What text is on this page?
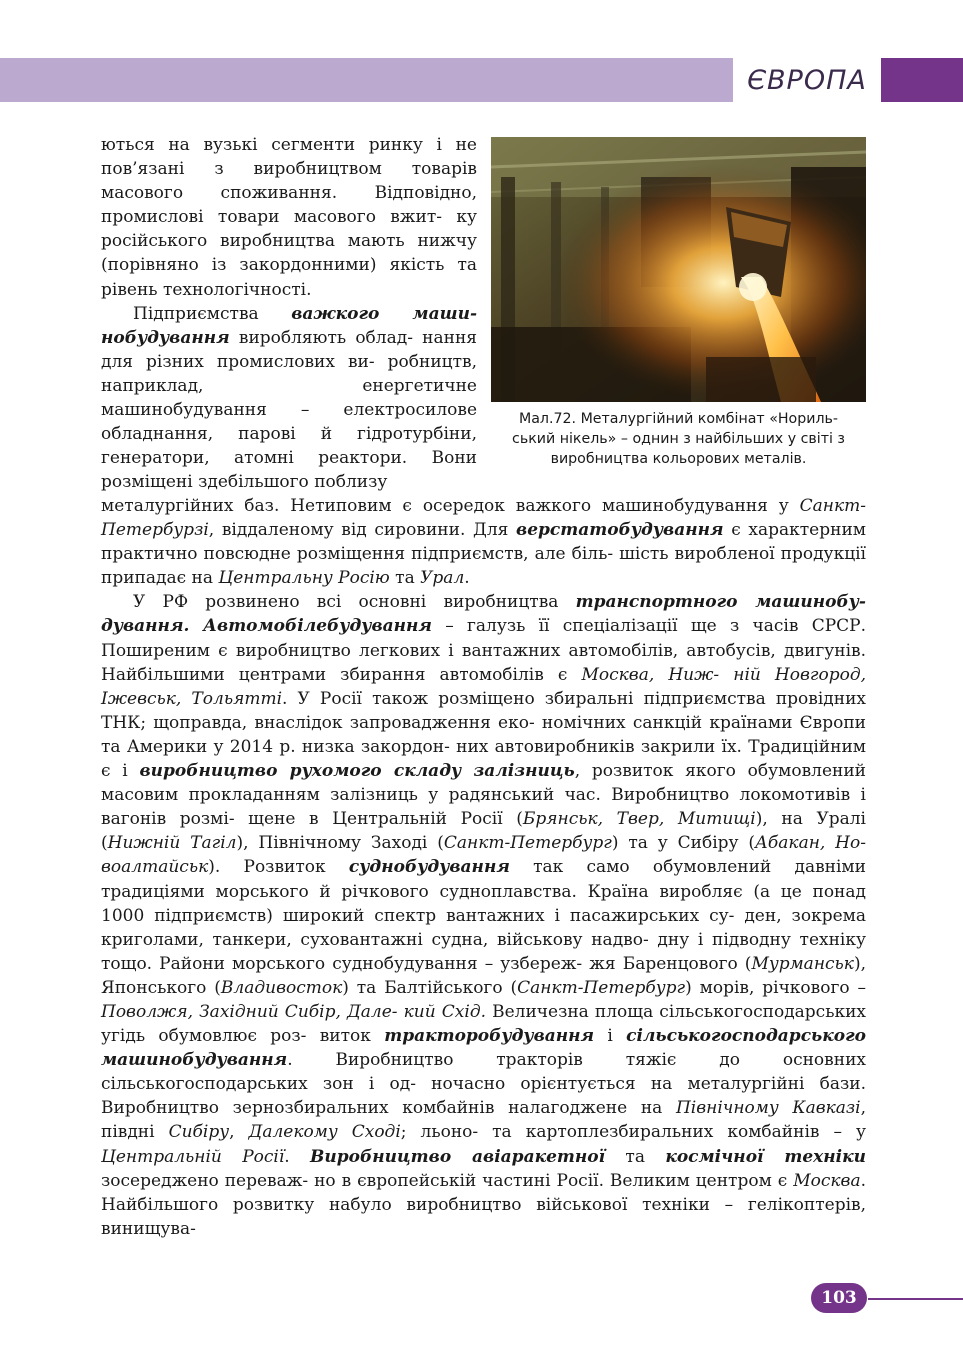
ЄВРОПА

ються на вузькі сегменти ринку і не пов’язані з виробництвом товарів масового споживання. Відповідно, промислові товари масового вжит- ку російського виробництва мають нижчу (порівняно із закордонними) якість та рівень технологічності.

Підприємства важкого маши- нобудування виробляють облад- нання для різних промислових ви- робництв, наприклад, енергетичне машинобудування – електросилове обладнання, парові й гідротурбіни, генератори, атомні реактори. Вони розміщені здебільшого поблизу

Мал.72. Металургійний комбінат «Нориль-
ський нікель» – однин з найбільших у світі з
виробництва кольорових металів.

металургійних баз. Нетиповим є осередок важкого машинобудування у Санкт-Петербурзі, віддаленому від сировини. Для верстатобудування є характерним практично повсюдне розміщення підприємств, але біль- шість виробленої продукції припадає на Центральну Росію та Урал.

У РФ розвинено всі основні виробництва транспортного машинобу- дування. Автомобілебудування – галузь її спеціалізації ще з часів СРСР. Поширеним є виробництво легкових і вантажних автомобілів, автобусів, двигунів. Найбільшими центрами збирання автомобілів є Москва, Ниж- ній Новгород, Іжевськ, Тольятті. У Росії також розміщено збиральні підприємства провідних ТНК; щоправда, внаслідок запровадження еко- номічних санкцій країнами Європи та Америки у 2014 р. низка закордон- них автовиробників закрили їх. Традиційним є і виробництво рухомого складу залізниць, розвиток якого обумовлений масовим прокладанням залізниць у радянський час. Виробництво локомотивів і вагонів розмі- щене в Центральній Росії (Брянськ, Твер, Митищі), на Уралі (Нижній Тагіл), Північному Заході (Санкт-Петербург) та у Сибіру (Абакан, Но- воалтайськ). Розвиток суднобудування так само обумовлений давніми традиціями морського й річкового судноплавства. Країна виробляє (а це понад 1000 підприємств) широкий спектр вантажних і пасажирських су- ден, зокрема криголами, танкери, суховантажні судна, військову надво- дну і підводну техніку тощо. Райони морського суднобудування – узбереж- жя Баренцового (Мурманськ), Японського (Владивосток) та Балтійського (Санкт-Петербург) морів, річкового – Поволжя, Західний Сибір, Дале- кий Схід. Величезна площа сільськогосподарських угідь обумовлює роз- виток тракторобудування і сільськогосподарського машинобудування. Виробництво тракторів тяжіє до основних сільськогосподарських зон і од- ночасно орієнтується на металургійні бази. Виробництво зернозбиральних комбайнів налагоджене на Північному Кавказі, півдні Сибіру, Далекому Сході; льоно- та картоплезбиральних комбайнів – у Центральній Росії. Виробництво авіаракетної та космічної техніки зосереджено переваж- но в європейській частині Росії. Великим центром є Москва. Найбільшого розвитку набуло виробництво військової техніки – гелікоптерів, винищува-

103
